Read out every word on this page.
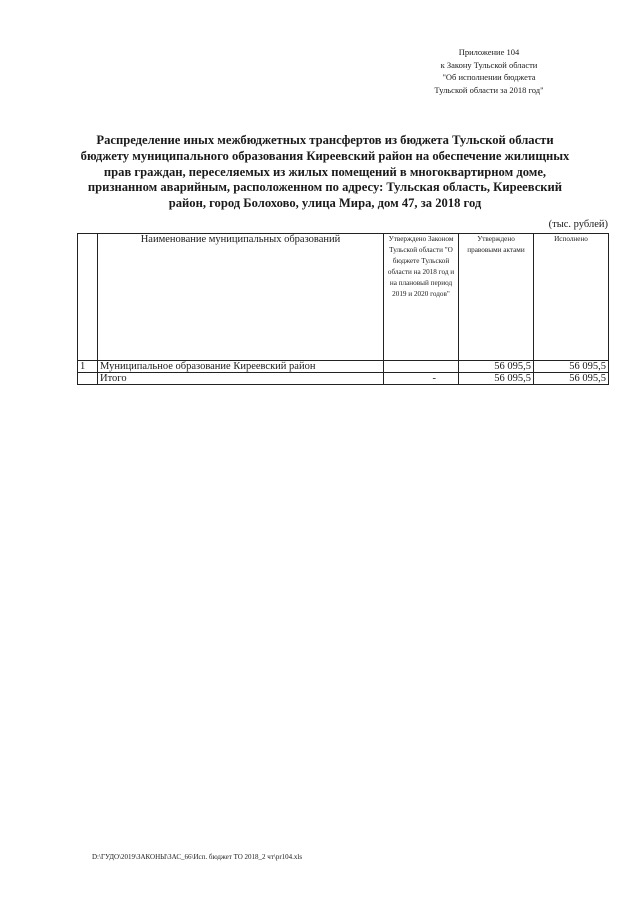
Приложение 104
к Закону Тульской области
"Об исполнении бюджета
Тульской области за 2018 год"
Распределение иных межбюджетных трансфертов из бюджета Тульской области бюджету муниципального образования Киреевский район на обеспечение жилищных прав граждан, переселяемых из жилых помещений в многоквартирном доме, признанном аварийным, расположенном по адресу: Тульская область, Киреевский район, город Болохово, улица Мира, дом 47, за 2018 год
(тыс. рублей)
	Наименование муниципальных образований	Утверждено Законом Тульской области "О бюджете Тульской области на 2018 год и на плановый период 2019 и 2020 годов"	Утверждено правовыми актами	Исполнено
1	Муниципальное образование Киреевский район		56 095,5	56 095,5
	Итого	-	56 095,5	56 095,5
D:\ГУДО\2019\ЗАКОНЫ\ЗАС_66\Исп. бюджет ТО 2018_2 чт\pr104.xls
